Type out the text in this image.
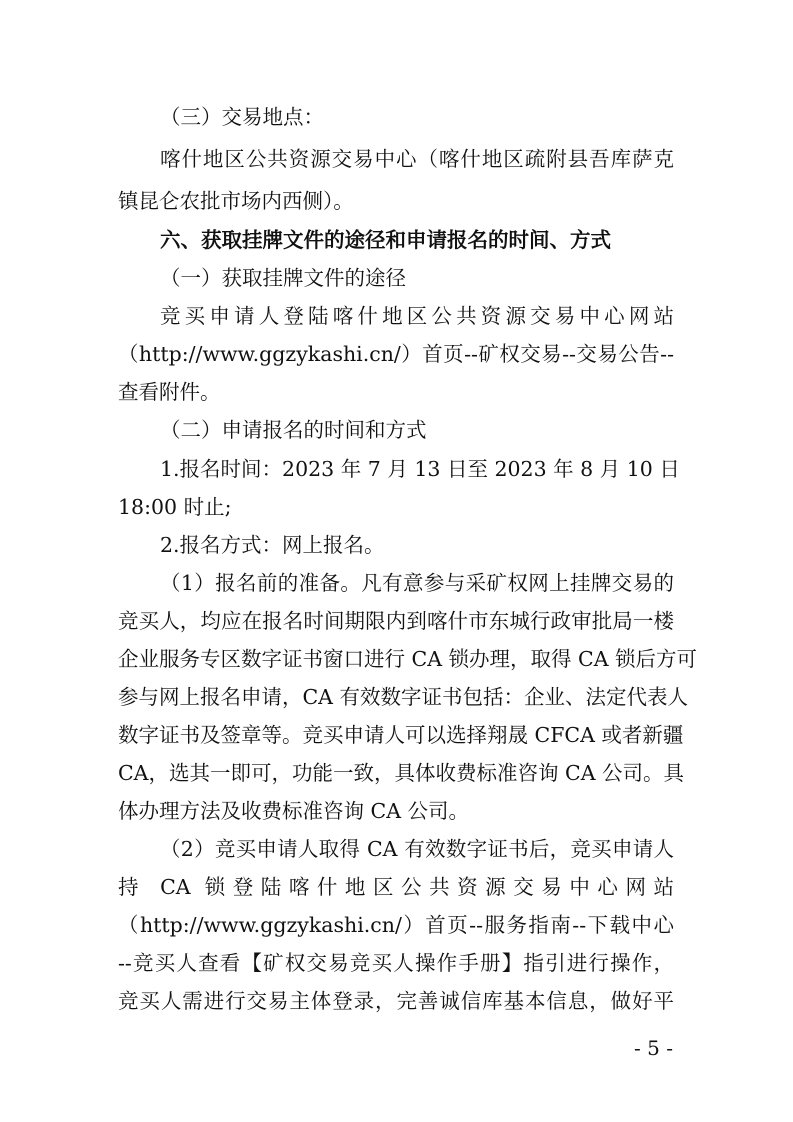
（三）交易地点：
喀什地区公共资源交易中心（喀什地区疏附县吾库萨克
镇昆仑农批市场内西侧）。
六、获取挂牌文件的途径和申请报名的时间、方式
（一）获取挂牌文件的途径
竞买申请人登陆喀什地区公共资源交易中心网站
（http://www.ggzykashi.cn/）首页--矿权交易--交易公告--
查看附件。
（二）申请报名的时间和方式
1.报名时间：2023 年 7 月 13 日至 2023 年 8 月 10 日
18:00 时止;
2.报名方式：网上报名。
（1）报名前的准备。凡有意参与采矿权网上挂牌交易的
竞买人，均应在报名时间期限内到喀什市东城行政审批局一楼
企业服务专区数字证书窗口进行 CA 锁办理，取得 CA 锁后方可
参与网上报名申请，CA 有效数字证书包括：企业、法定代表人
数字证书及签章等。竞买申请人可以选择翔晟 CFCA 或者新疆
CA，选其一即可，功能一致，具体收费标准咨询 CA 公司。具
体办理方法及收费标准咨询 CA 公司。
（2）竞买申请人取得 CA 有效数字证书后，竞买申请人
持 CA 锁登陆喀什地区公共资源交易中心网站
（http://www.ggzykashi.cn/）首页--服务指南--下载中心
--竞买人查看【矿权交易竞买人操作手册】指引进行操作，
竞买人需进行交易主体登录，完善诚信库基本信息，做好平
- 5 -
